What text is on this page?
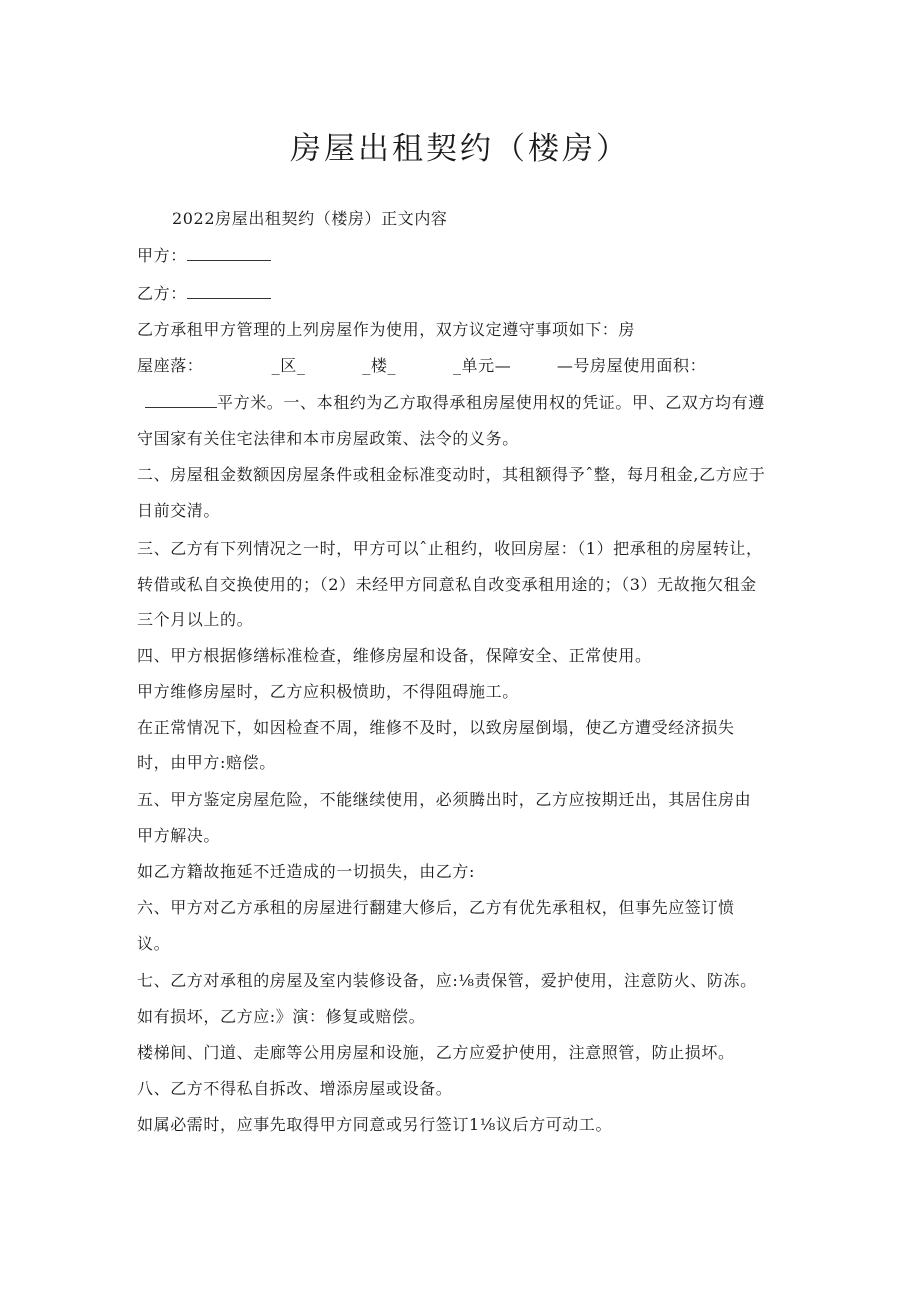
房屋出租契约（楼房）

2022房屋出租契约（楼房）正文内容

甲方：

乙方：

乙方承租甲方管理的上列房屋作为使用，双方议定遵守事项如下：房

屋座落：            _区_          _楼_          _单元—        —号房屋使用面积：

平方米。一、本租约为乙方取得承租房屋使用权的凭证。甲、乙双方均有遵

守国家有关住宅法律和本市房屋政策、法令的义务。

二、房屋租金数额因房屋条件或租金标准变动时，其租额得予ˆ整，每月租金,乙方应于

日前交清。

三、乙方有下列情况之一时，甲方可以ˆ止租约，收回房屋：（1）把承租的房屋转让，

转借或私自交换使用的；（2）未经甲方同意私自改变承租用途的；（3）无故拖欠租金

三个月以上的。

四、甲方根据修缮标准检查，维修房屋和设备，保障安全、正常使用。

甲方维修房屋时，乙方应积极愤助，不得阻碍施工。

在正常情况下，如因检查不周，维修不及时，以致房屋倒塌，使乙方遭受经济损失

时，由甲方:赔偿。

五、甲方鉴定房屋危险，不能继续使用，必须腾出时，乙方应按期迁出，其居住房由

甲方解决。

如乙方籍故拖延不迁造成的一切损失，由乙方:

六、甲方对乙方承租的房屋进行翻建大修后，乙方有优先承租权，但事先应签订愤

议。

七、乙方对承租的房屋及室内装修设备，应:⅛责保管，爱护使用，注意防火、防冻。

如有损坏，乙方应:》演：修复或赔偿。

楼梯间、门道、走廊等公用房屋和设施，乙方应爱护使用，注意照管，防止损坏。

八、乙方不得私自拆改、增添房屋或设备。

如属必需时，应事先取得甲方同意或另行签订1⅛议后方可动工。
